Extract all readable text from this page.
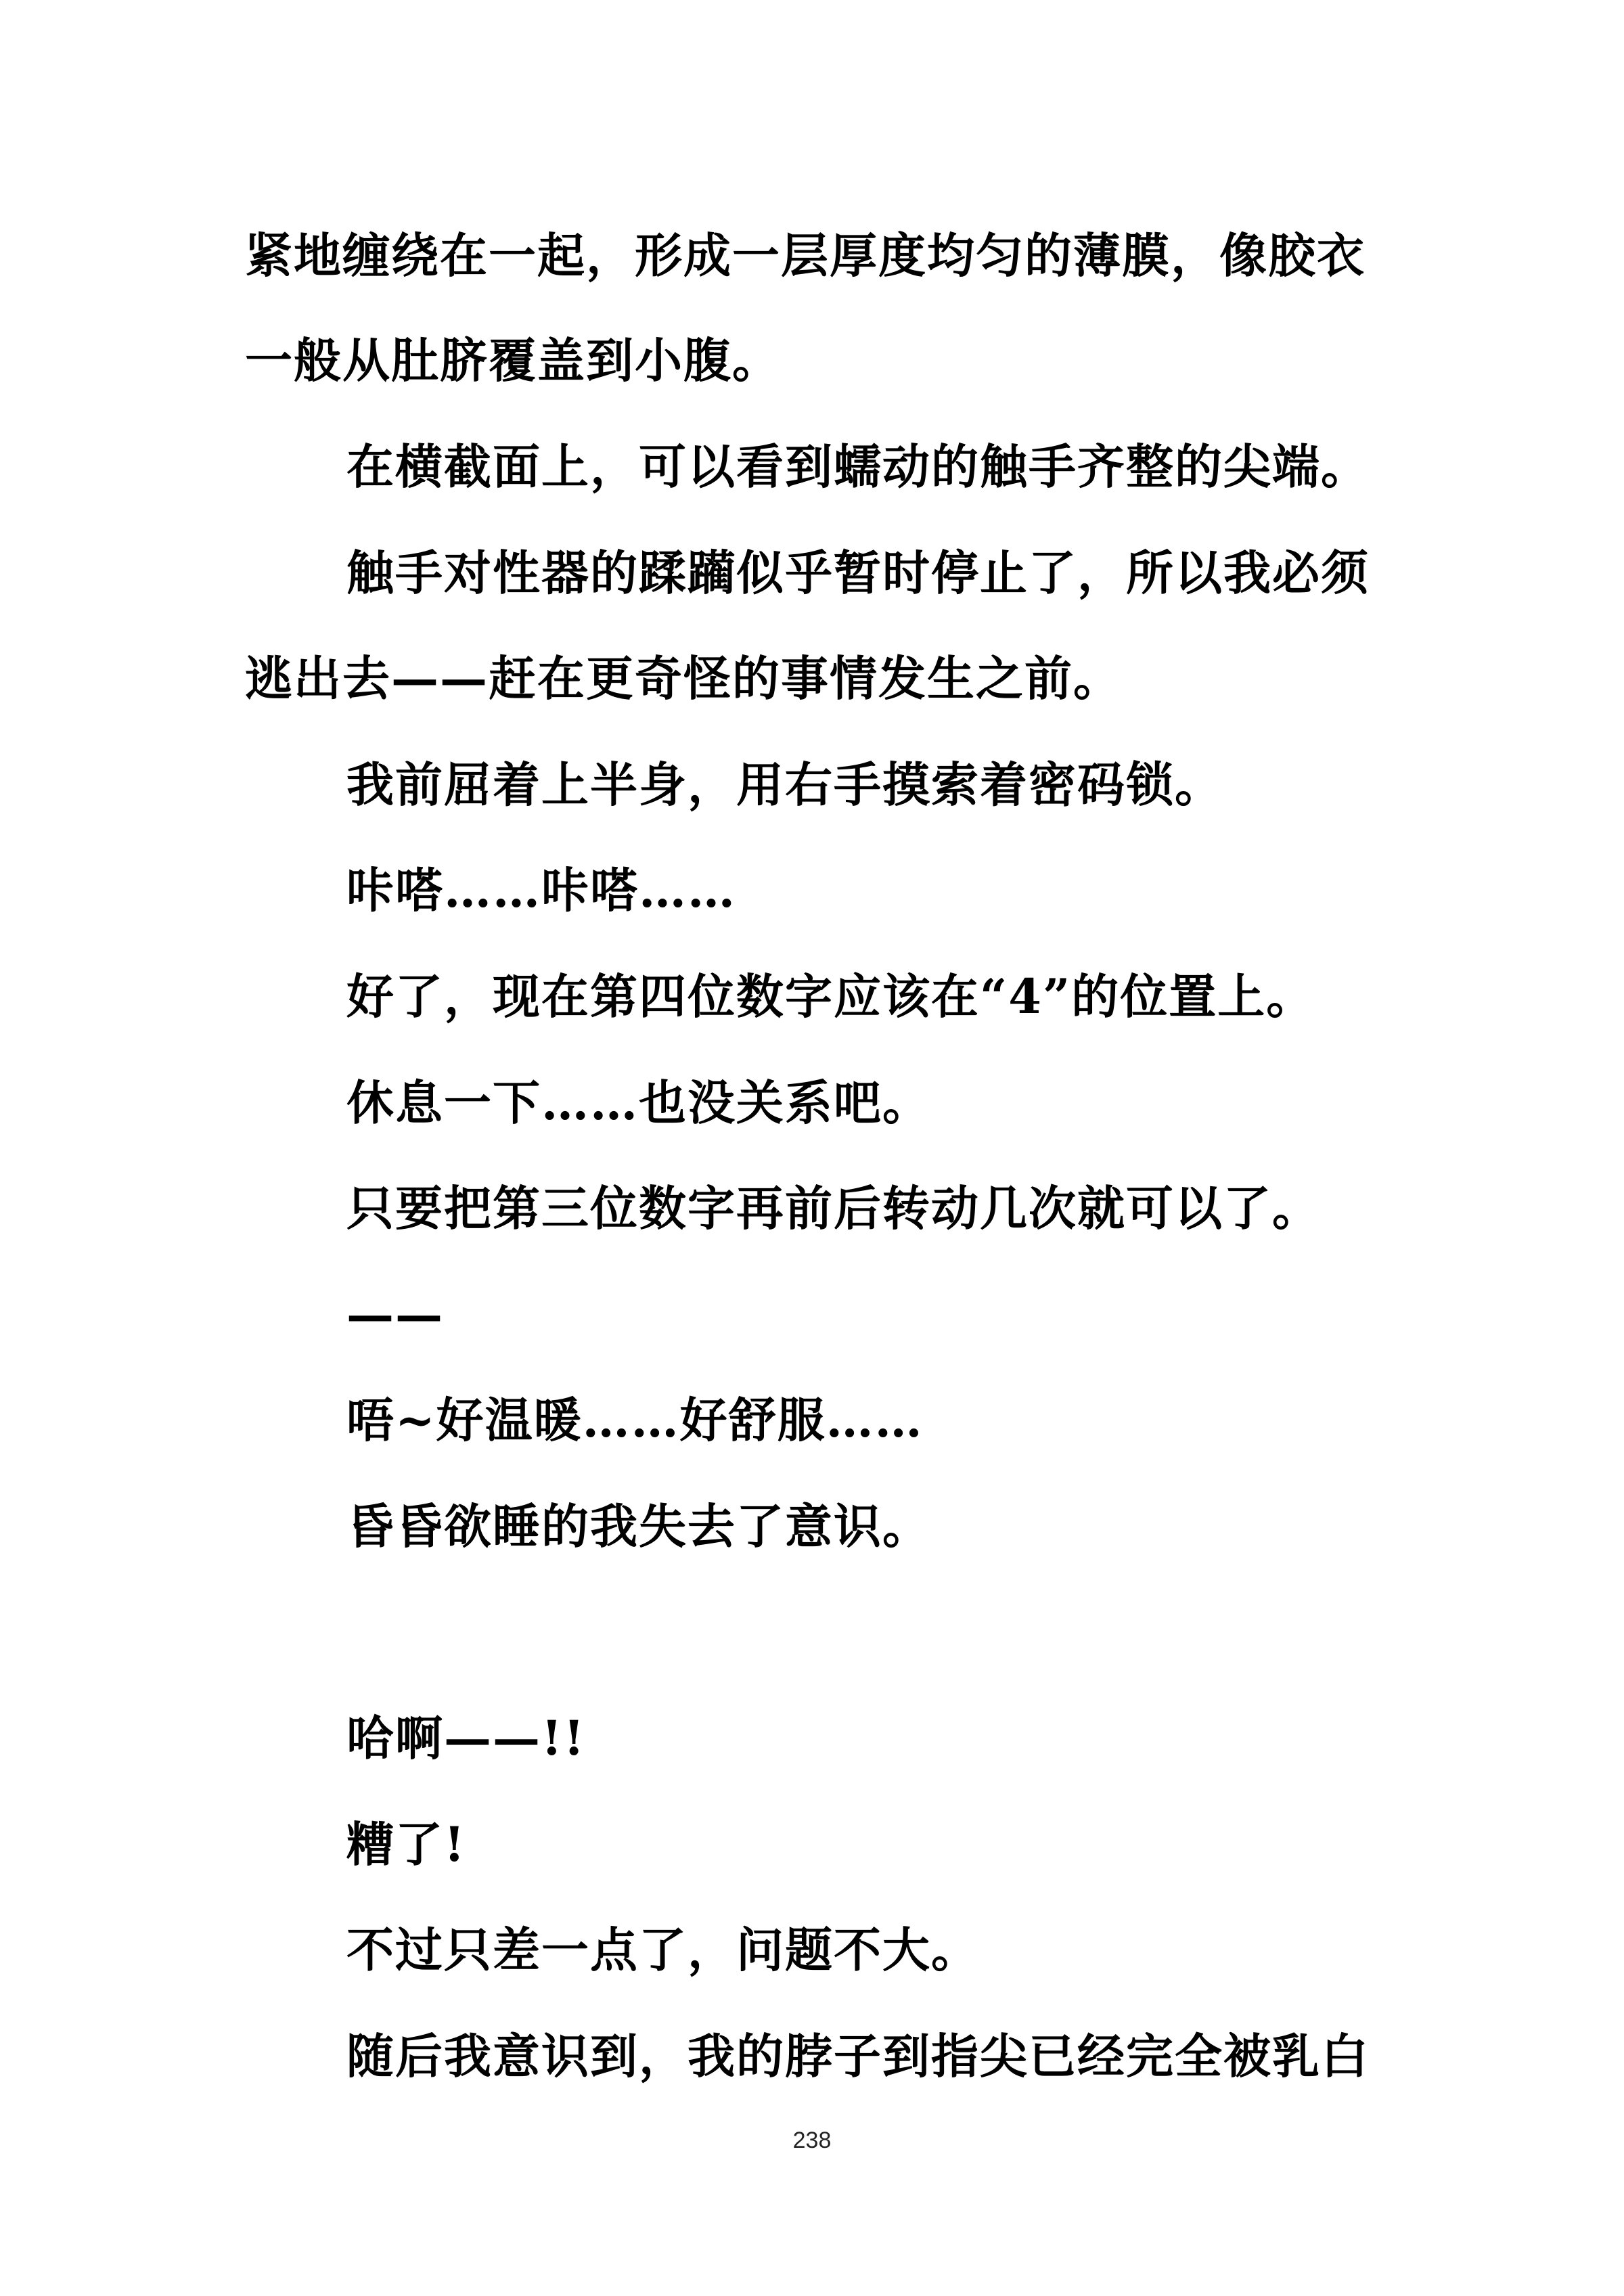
紧地缠绕在一起，形成一层厚度均匀的薄膜，像胶衣
一般从肚脐覆盖到小腹。
在横截面上，可以看到蠕动的触手齐整的尖端。
触手对性器的蹂躏似乎暂时停止了，所以我必须
逃出去——赶在更奇怪的事情发生之前。
我前屈着上半身，用右手摸索着密码锁。
咔嗒……咔嗒……
好了，现在第四位数字应该在“4”的位置上。
休息一下……也没关系吧。
只要把第三位数字再前后转动几次就可以了。
——
唔~好温暖……好舒服……
昏昏欲睡的我失去了意识。
哈啊——!!
糟了!
不过只差一点了，问题不大。
随后我意识到，我的脖子到指尖已经完全被乳白
238
